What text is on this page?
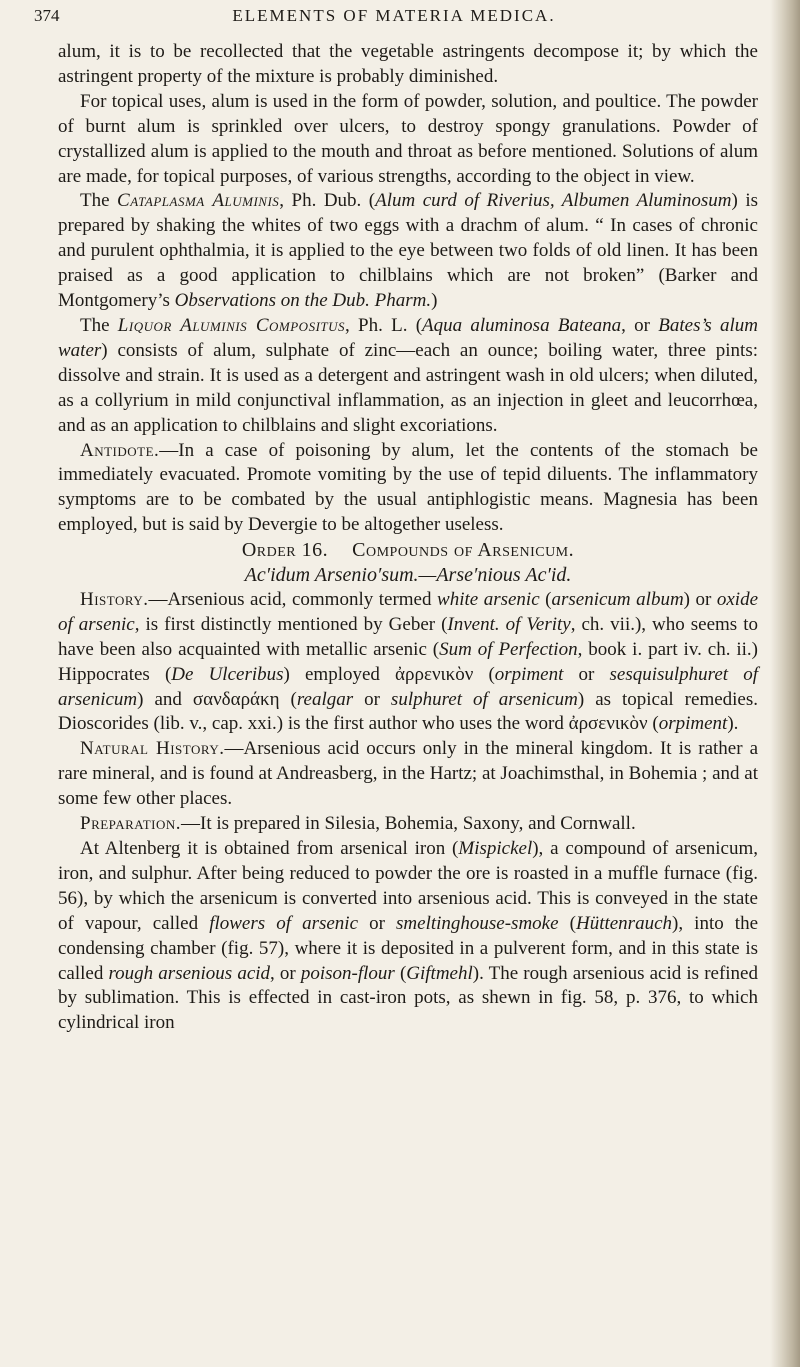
374	ELEMENTS OF MATERIA MEDICA.

alum, it is to be recollected that the vegetable astringents decompose it; by which the astringent property of the mixture is probably diminished.

For topical uses, alum is used in the form of powder, solution, and poultice. The powder of burnt alum is sprinkled over ulcers, to destroy spongy granulations. Powder of crystallized alum is applied to the mouth and throat as before mentioned. Solutions of alum are made, for topical purposes, of various strengths, according to the object in view.

The Cataplasma Aluminis, Ph. Dub. (Alum curd of Riverius, Albumen Aluminosum) is prepared by shaking the whites of two eggs with a drachm of alum. “ In cases of chronic and purulent ophthalmia, it is applied to the eye between two folds of old linen. It has been praised as a good application to chilblains which are not broken” (Barker and Montgomery’s Observations on the Dub. Pharm.)

The Liquor Aluminis Compositus, Ph. L. (Aqua aluminosa Bateana, or Bates’s alum water) consists of alum, sulphate of zinc—each an ounce; boiling water, three pints: dissolve and strain. It is used as a detergent and astringent wash in old ulcers; when diluted, as a collyrium in mild conjunctival inflammation, as an injection in gleet and leucorrhœa, and as an application to chilblains and slight excoriations.

Antidote.—In a case of poisoning by alum, let the contents of the stomach be immediately evacuated. Promote vomiting by the use of tepid diluents. The inflammatory symptoms are to be combated by the usual antiphlogistic means. Magnesia has been employed, but is said by Devergie to be altogether useless.

Order 16. Compounds of Arsenicum.

Ac′idum Arsenio′sum.—Arse′nious Ac′id.

History.—Arsenious acid, commonly termed white arsenic (arsenicum album) or oxide of arsenic, is first distinctly mentioned by Geber (Invent. of Verity, ch. vii.), who seems to have been also acquainted with metallic arsenic (Sum of Perfection, book i. part iv. ch. ii.) Hippocrates (De Ulceribus) employed ἀρρενικὸν (orpiment or sesquisulphuret of arsenicum) and σανδαράκη (realgar or sulphuret of arsenicum) as topical remedies. Dioscorides (lib. v., cap. xxi.) is the first author who uses the word ἀρσενικὸν (orpiment).

Natural History.—Arsenious acid occurs only in the mineral kingdom. It is rather a rare mineral, and is found at Andreasberg, in the Hartz; at Joachimsthal, in Bohemia ; and at some few other places.

Preparation.—It is prepared in Silesia, Bohemia, Saxony, and Cornwall.

At Altenberg it is obtained from arsenical iron (Mispickel), a compound of arsenicum, iron, and sulphur. After being reduced to powder the ore is roasted in a muffle furnace (fig. 56), by which the arsenicum is converted into arsenious acid. This is conveyed in the state of vapour, called flowers of arsenic or smeltinghouse-smoke (Hüttenrauch), into the condensing chamber (fig. 57), where it is deposited in a pulverent form, and in this state is called rough arsenious acid, or poison-flour (Giftmehl). The rough arsenious acid is refined by sublimation. This is effected in cast-iron pots, as shewn in fig. 58, p. 376, to which cylindrical iron
